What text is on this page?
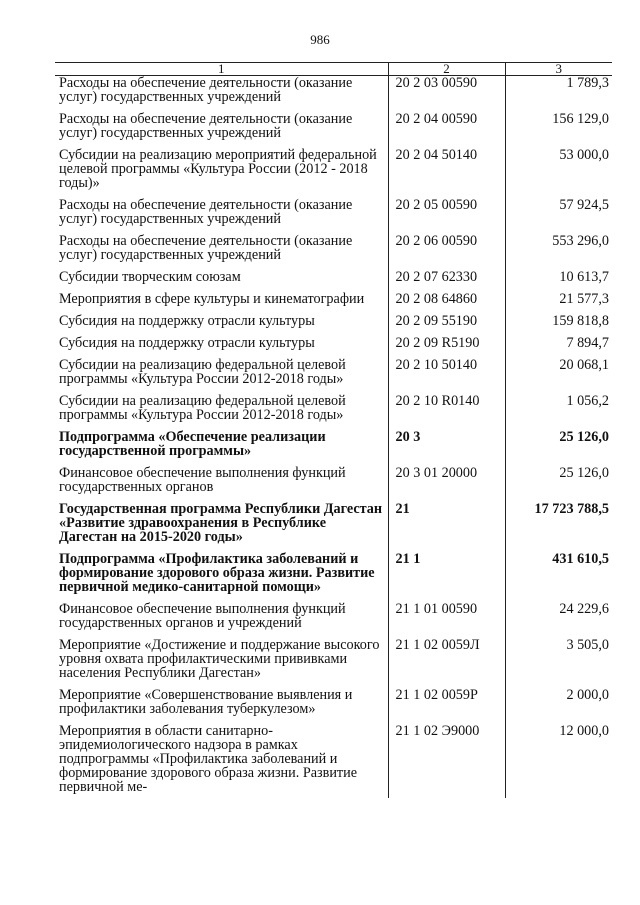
986
1	2	3
Расходы на обеспечение деятельности (оказание услуг) государственных учреждений	20 2 03 00590	1 789,3
Расходы на обеспечение деятельности (оказание услуг) государственных учреждений	20 2 04 00590	156 129,0
Субсидии на реализацию мероприятий федеральной целевой программы «Культура России (2012 - 2018 годы)»	20 2 04 50140	53 000,0
Расходы на обеспечение деятельности (оказание услуг) государственных учреждений	20 2 05 00590	57 924,5
Расходы на обеспечение деятельности (оказание услуг) государственных учреждений	20 2 06 00590	553 296,0
Субсидии творческим союзам	20 2 07 62330	10 613,7
Мероприятия в сфере культуры и кинематографии	20 2 08 64860	21 577,3
Субсидия на поддержку отрасли культуры	20 2 09 55190	159 818,8
Субсидия на поддержку отрасли культуры	20 2 09 R5190	7 894,7
Субсидии на реализацию федеральной целевой программы «Культура России 2012-2018 годы»	20 2 10 50140	20 068,1
Субсидии на реализацию федеральной целевой программы «Культура России 2012-2018 годы»	20 2 10 R0140	1 056,2
Подпрограмма «Обеспечение реализации государственной программы»	20 3	25 126,0
Финансовое обеспечение выполнения функций государственных органов	20 3 01 20000	25 126,0
Государственная программа Республики Дагестан «Развитие здравоохранения в Республике Дагестан на 2015-2020 годы»	21	17 723 788,5
Подпрограмма «Профилактика заболеваний и формирование здорового образа жизни. Развитие первичной медико-санитарной помощи»	21 1	431 610,5
Финансовое обеспечение выполнения функций государственных органов и учреждений	21 1 01 00590	24 229,6
Мероприятие «Достижение и поддержание высокого уровня охвата профилактическими прививками населения Республики Дагестан»	21 1 02 0059Л	3 505,0
Мероприятие «Совершенствование выявления и профилактики заболевания туберкулезом»	21 1 02 0059Р	2 000,0
Мероприятия в области санитарно-эпидемиологического надзора в рамках подпрограммы «Профилактика заболеваний и формирование здорового образа жизни. Развитие первичной ме-	21 1 02 Э9000	12 000,0
